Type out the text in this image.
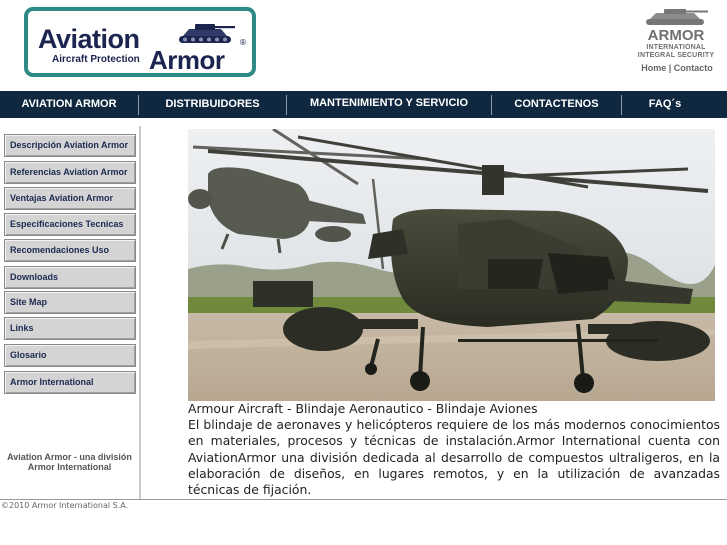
Aviation	®
Aircraft Protection Armor
ARMOR
INTERNATIONAL
INTEGRAL SECURITY
Home | Contacto
AVIATION ARMOR	DISTRIBUIDORES	MANTENIMIENTO Y SERVICIO	CONTACTENOS	FAQ´s
Descripción Aviation Armor
Referencias Aviation Armor
Ventajas Aviation Armor
Especificaciones Tecnicas
Recomendaciones Uso
Downloads
Site Map
Links
Glosario
Armor International
Aviation Armor - una división
Armor International
Armour Aircraft - Blindaje Aeronautico - Blindaje Aviones
El blindaje de aeronaves y helicópteros requiere de los más modernos conocimientos en materiales, procesos y técnicas de instalación.Armor International cuenta con AviationArmor una división dedicada al desarrollo de compuestos ultraligeros, en la elaboración de diseños, en lugares remotos, y en la utilización de avanzadas técnicas de fijación.
©2010 Armor International S.A.
